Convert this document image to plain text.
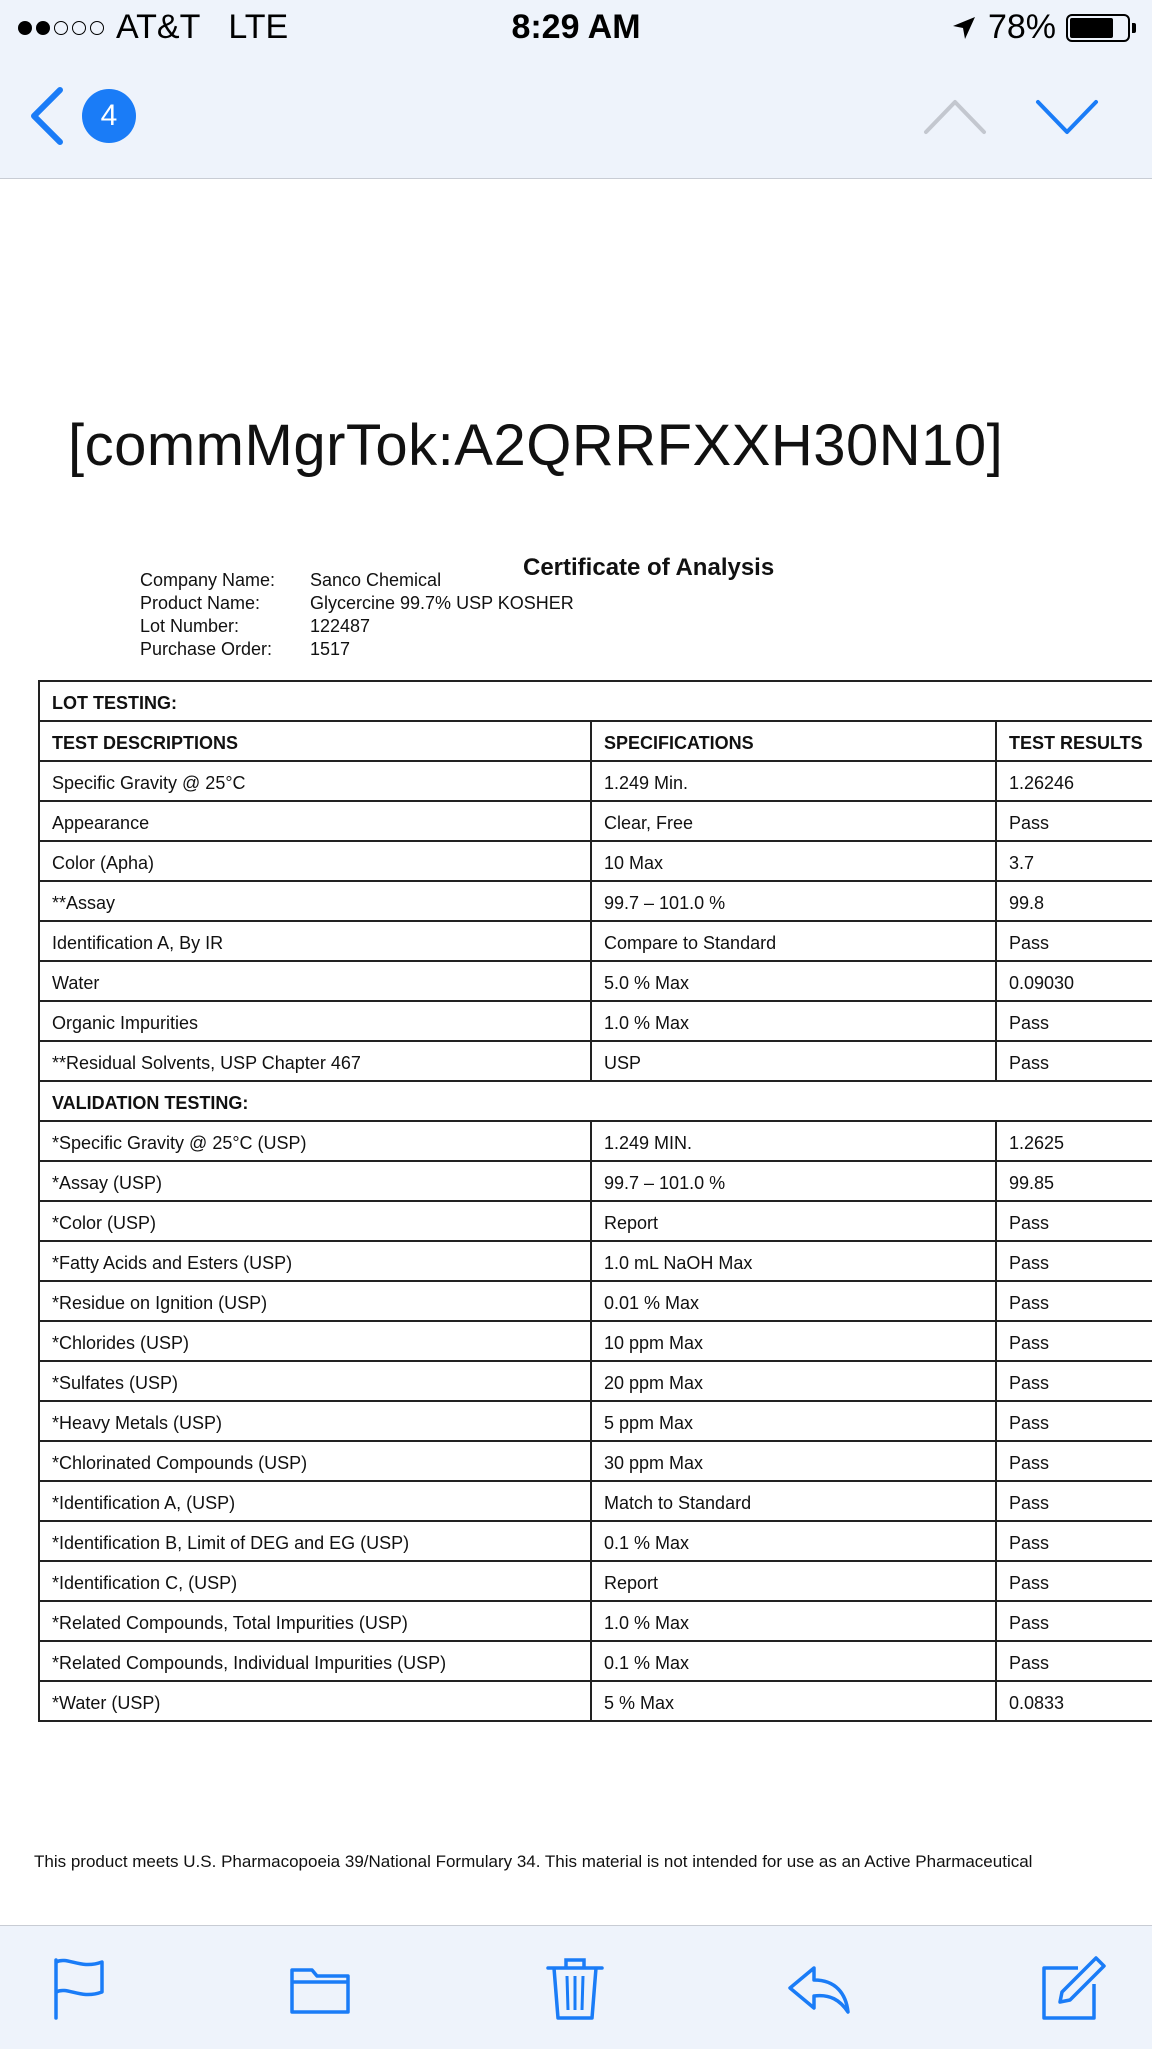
AT&T LTE	8:29 AM	78%
4
[commMgrTok:A2QRRFXXH30N10]
Certificate of Analysis
Company Name:	Sanco Chemical
Product Name:	Glycercine 99.7% USP KOSHER
Lot Number:	122487
Purchase Order:	1517
LOT TESTING:		
TEST DESCRIPTIONS	SPECIFICATIONS	TEST RESULTS
Specific Gravity @ 25°C	1.249 Min.	1.26246
Appearance	Clear, Free	Pass
Color (Apha)	10 Max	3.7
**Assay	99.7 – 101.0 %	99.8
Identification A, By IR	Compare to Standard	Pass
Water	5.0 % Max	0.09030
Organic Impurities	1.0 % Max	Pass
**Residual Solvents, USP Chapter 467	USP	Pass
VALIDATION TESTING:		
*Specific Gravity @ 25°C (USP)	1.249 MIN.	1.2625
*Assay (USP)	99.7 – 101.0 %	99.85
*Color (USP)	Report	Pass
*Fatty Acids and Esters (USP)	1.0 mL NaOH Max	Pass
*Residue on Ignition (USP)	0.01 % Max	Pass
*Chlorides (USP)	10 ppm Max	Pass
*Sulfates (USP)	20 ppm Max	Pass
*Heavy Metals (USP)	5 ppm Max	Pass
*Chlorinated Compounds (USP)	30 ppm Max	Pass
*Identification A, (USP)	Match to Standard	Pass
*Identification B, Limit of DEG and EG (USP)	0.1 % Max	Pass
*Identification C, (USP)	Report	Pass
*Related Compounds, Total Impurities (USP)	1.0 % Max	Pass
*Related Compounds, Individual Impurities (USP)	0.1 % Max	Pass
*Water (USP)	5 % Max	0.0833
This product meets U.S. Pharmacopoeia 39/National Formulary 34. This material is not intended for use as an Active Pharmaceutical
